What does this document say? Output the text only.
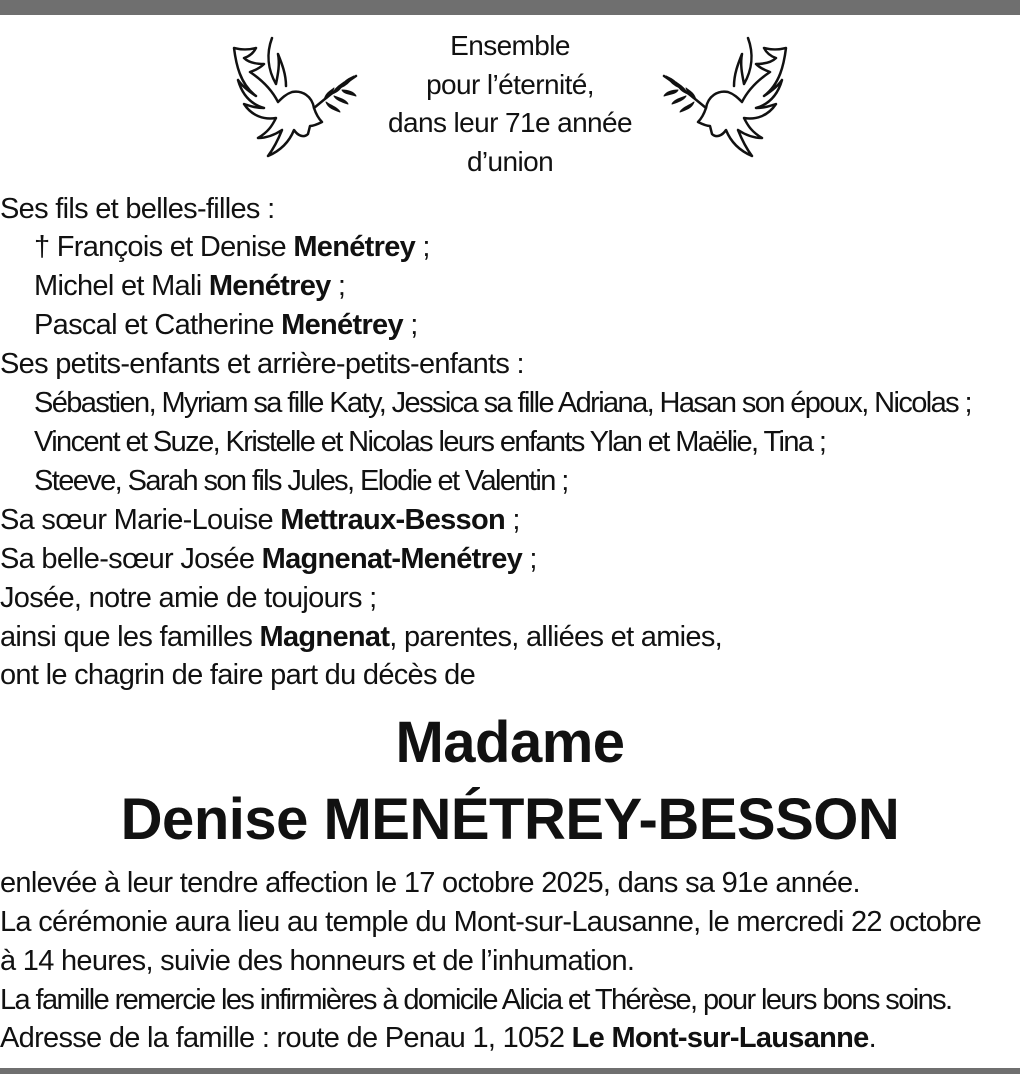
Ensemble
pour l’éternité,
dans leur 71e année
d’union
Ses fils et belles-filles :
† François et Denise Menétrey ;
Michel et Mali Menétrey ;
Pascal et Catherine Menétrey ;
Ses petits-enfants et arrière-petits-enfants :
Sébastien, Myriam sa fille Katy, Jessica sa fille Adriana, Hasan son époux, Nicolas ;
Vincent et Suze, Kristelle et Nicolas leurs enfants Ylan et Maëlie, Tina ;
Steeve, Sarah son fils Jules, Elodie et Valentin ;
Sa sœur Marie-Louise Mettraux-Besson ;
Sa belle-sœur Josée Magnenat-Menétrey ;
Josée, notre amie de toujours ;
ainsi que les familles Magnenat, parentes, alliées et amies,
ont le chagrin de faire part du décès de
Madame
Denise MENÉTREY-BESSON
enlevée à leur tendre affection le 17 octobre 2025, dans sa 91e année.
La cérémonie aura lieu au temple du Mont-sur-Lausanne, le mercredi 22 octobre
à 14 heures, suivie des honneurs et de l’inhumation.
La famille remercie les infirmières à domicile Alicia et Thérèse, pour leurs bons soins.
Adresse de la famille : route de Penau 1, 1052 Le Mont-sur-Lausanne.
